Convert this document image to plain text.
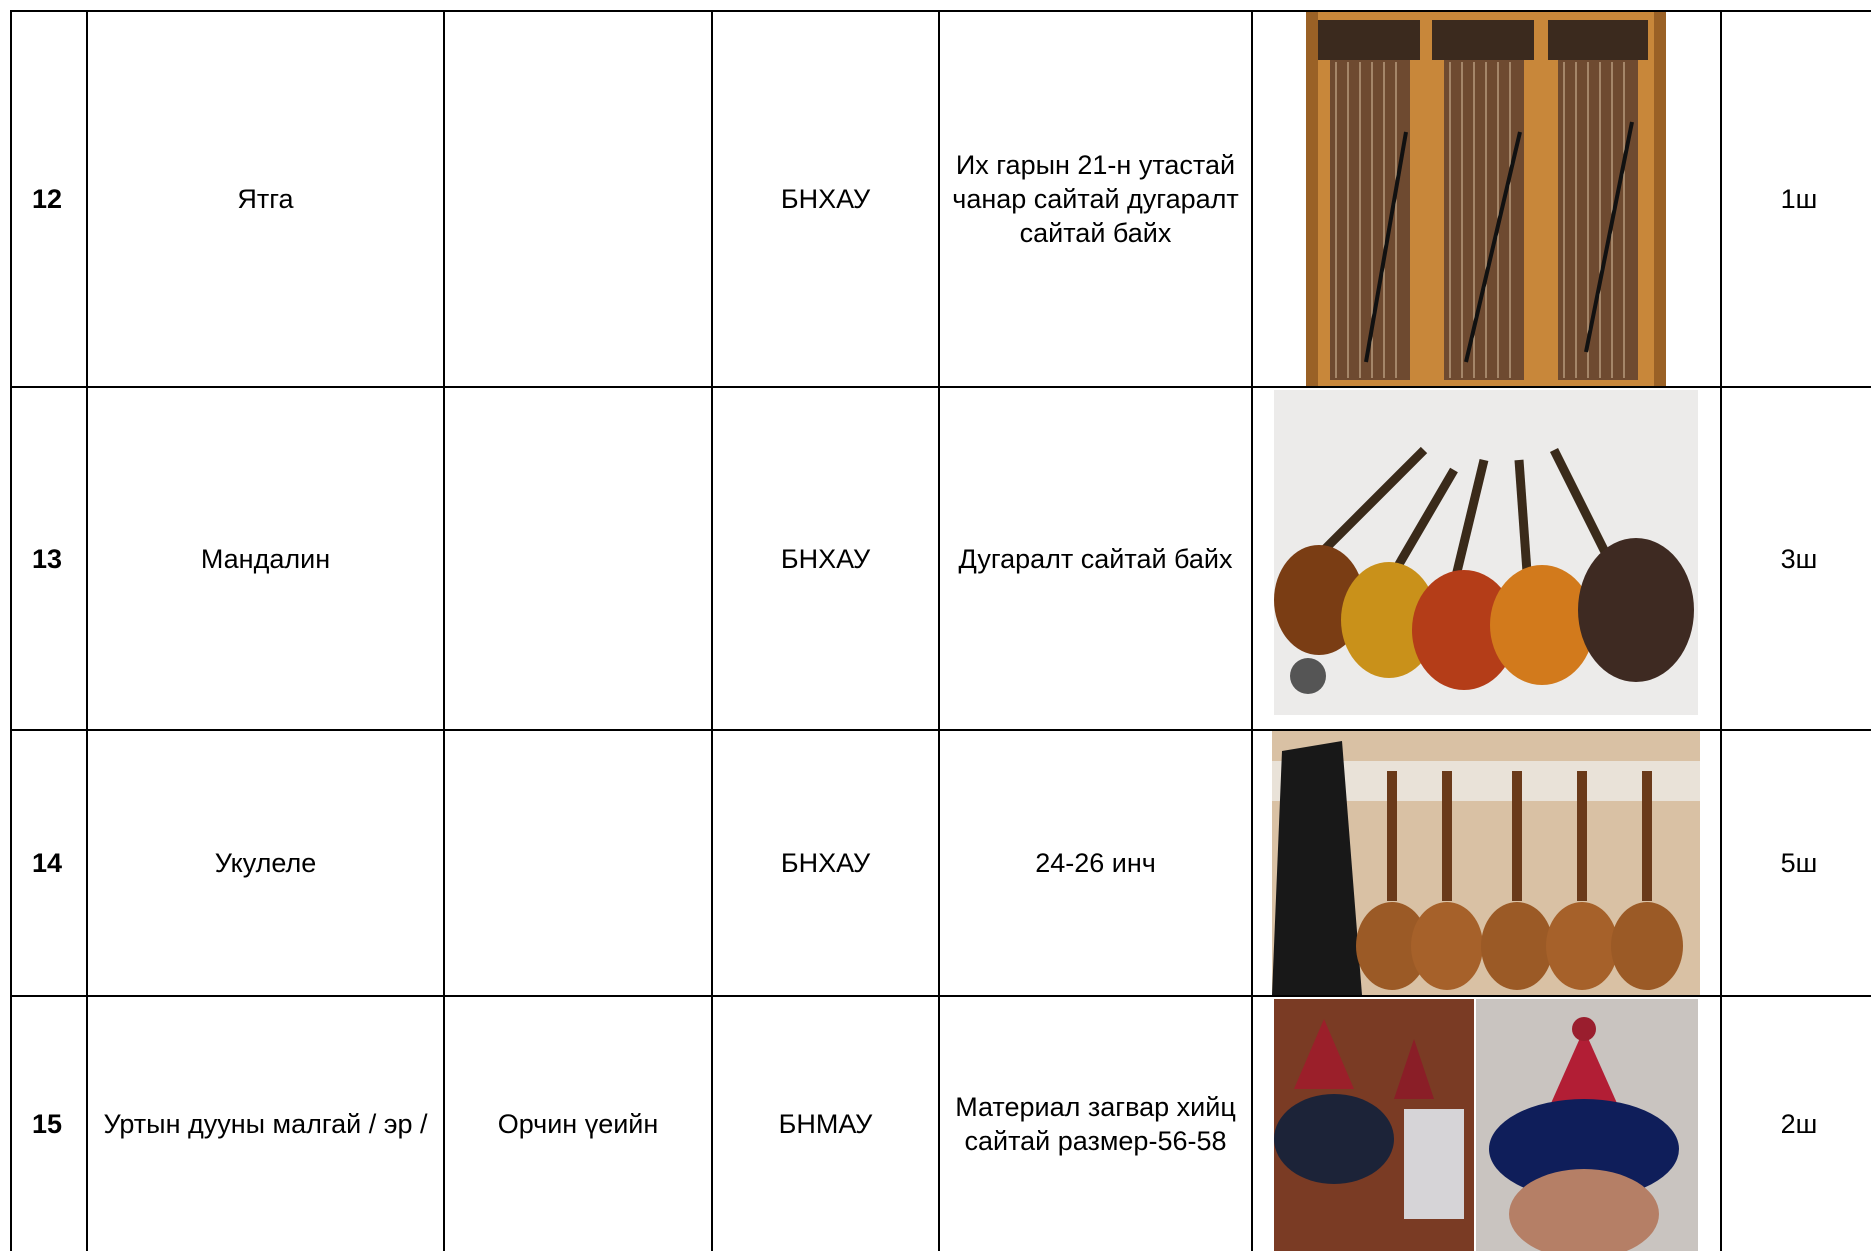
12	Ятга		БНХАУ	Их гарын 21-н утастай чанар сайтай дугаралт сайтай байх		1ш
13	Мандалин		БНХАУ	Дугаралт сайтай байх		3ш
14	Укулеле		БНХАУ	24-26 инч		5ш
15	Уртын дууны малгай / эр /	Орчин үеийн	БНМАУ	Материал загвар хийц сайтай размер-56-58		2ш
